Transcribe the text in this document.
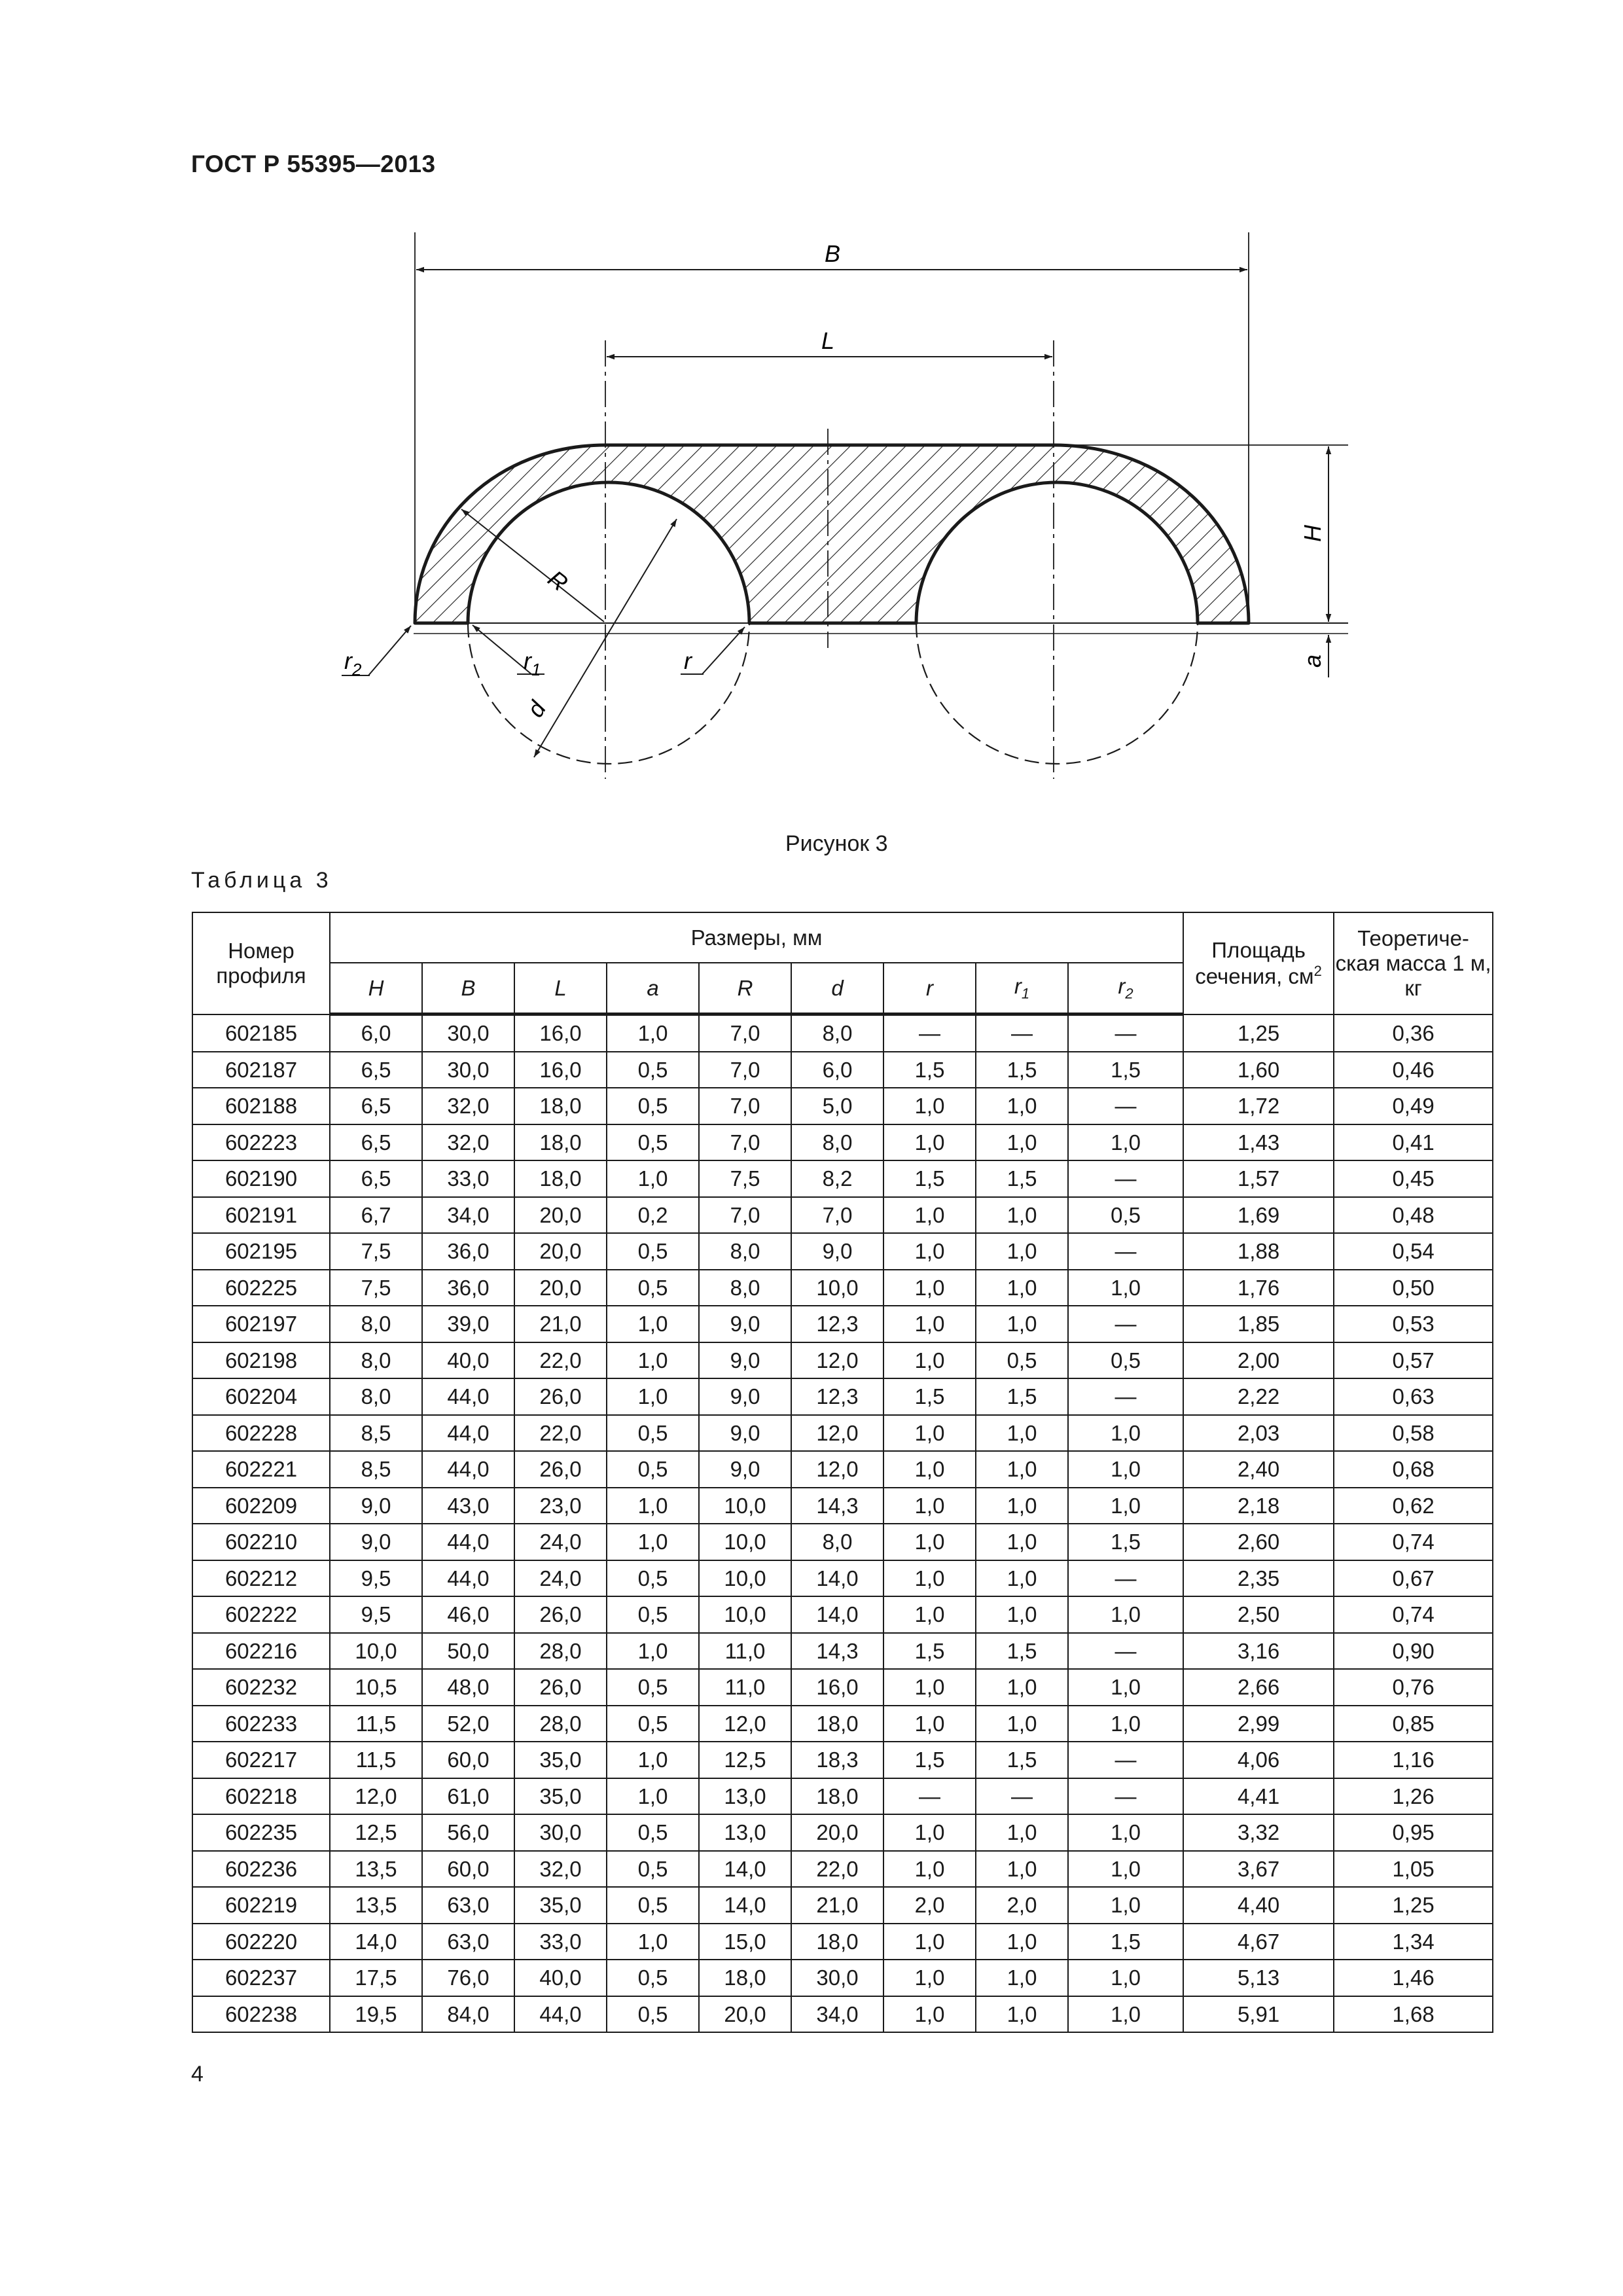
ГОСТ Р 55395—2013
B
L
H
a
R
d
$r_1$	r
$r_2$
Рисунок 3
Таблица 3
Номер профиля	Размеры, мм									Площадь сечения, $см^2$	Теоретиче- ская масса 1 м, кг
	H	B	L	a	R	d	r	$r_1$	$r_2$
602185	6,0	30,0	16,0	1,0	7,0	8,0	—	—	—	1,25	0,36
602187	6,5	30,0	16,0	0,5	7,0	6,0	1,5	1,5	1,5	1,60	0,46
602188	6,5	32,0	18,0	0,5	7,0	5,0	1,0	1,0	—	1,72	0,49
602223	6,5	32,0	18,0	0,5	7,0	8,0	1,0	1,0	1,0	1,43	0,41
602190	6,5	33,0	18,0	1,0	7,5	8,2	1,5	1,5	—	1,57	0,45
602191	6,7	34,0	20,0	0,2	7,0	7,0	1,0	1,0	0,5	1,69	0,48
602195	7,5	36,0	20,0	0,5	8,0	9,0	1,0	1,0	—	1,88	0,54
602225	7,5	36,0	20,0	0,5	8,0	10,0	1,0	1,0	1,0	1,76	0,50
602197	8,0	39,0	21,0	1,0	9,0	12,3	1,0	1,0	—	1,85	0,53
602198	8,0	40,0	22,0	1,0	9,0	12,0	1,0	0,5	0,5	2,00	0,57
602204	8,0	44,0	26,0	1,0	9,0	12,3	1,5	1,5	—	2,22	0,63
602228	8,5	44,0	22,0	0,5	9,0	12,0	1,0	1,0	1,0	2,03	0,58
602221	8,5	44,0	26,0	0,5	9,0	12,0	1,0	1,0	1,0	2,40	0,68
602209	9,0	43,0	23,0	1,0	10,0	14,3	1,0	1,0	1,0	2,18	0,62
602210	9,0	44,0	24,0	1,0	10,0	8,0	1,0	1,0	1,5	2,60	0,74
602212	9,5	44,0	24,0	0,5	10,0	14,0	1,0	1,0	—	2,35	0,67
602222	9,5	46,0	26,0	0,5	10,0	14,0	1,0	1,0	1,0	2,50	0,74
602216	10,0	50,0	28,0	1,0	11,0	14,3	1,5	1,5	—	3,16	0,90
602232	10,5	48,0	26,0	0,5	11,0	16,0	1,0	1,0	1,0	2,66	0,76
602233	11,5	52,0	28,0	0,5	12,0	18,0	1,0	1,0	1,0	2,99	0,85
602217	11,5	60,0	35,0	1,0	12,5	18,3	1,5	1,5	—	4,06	1,16
602218	12,0	61,0	35,0	1,0	13,0	18,0	—	—	—	4,41	1,26
602235	12,5	56,0	30,0	0,5	13,0	20,0	1,0	1,0	1,0	3,32	0,95
602236	13,5	60,0	32,0	0,5	14,0	22,0	1,0	1,0	1,0	3,67	1,05
602219	13,5	63,0	35,0	0,5	14,0	21,0	2,0	2,0	1,0	4,40	1,25
602220	14,0	63,0	33,0	1,0	15,0	18,0	1,0	1,0	1,5	4,67	1,34
602237	17,5	76,0	40,0	0,5	18,0	30,0	1,0	1,0	1,0	5,13	1,46
602238	19,5	84,0	44,0	0,5	20,0	34,0	1,0	1,0	1,0	5,91	1,68
4
